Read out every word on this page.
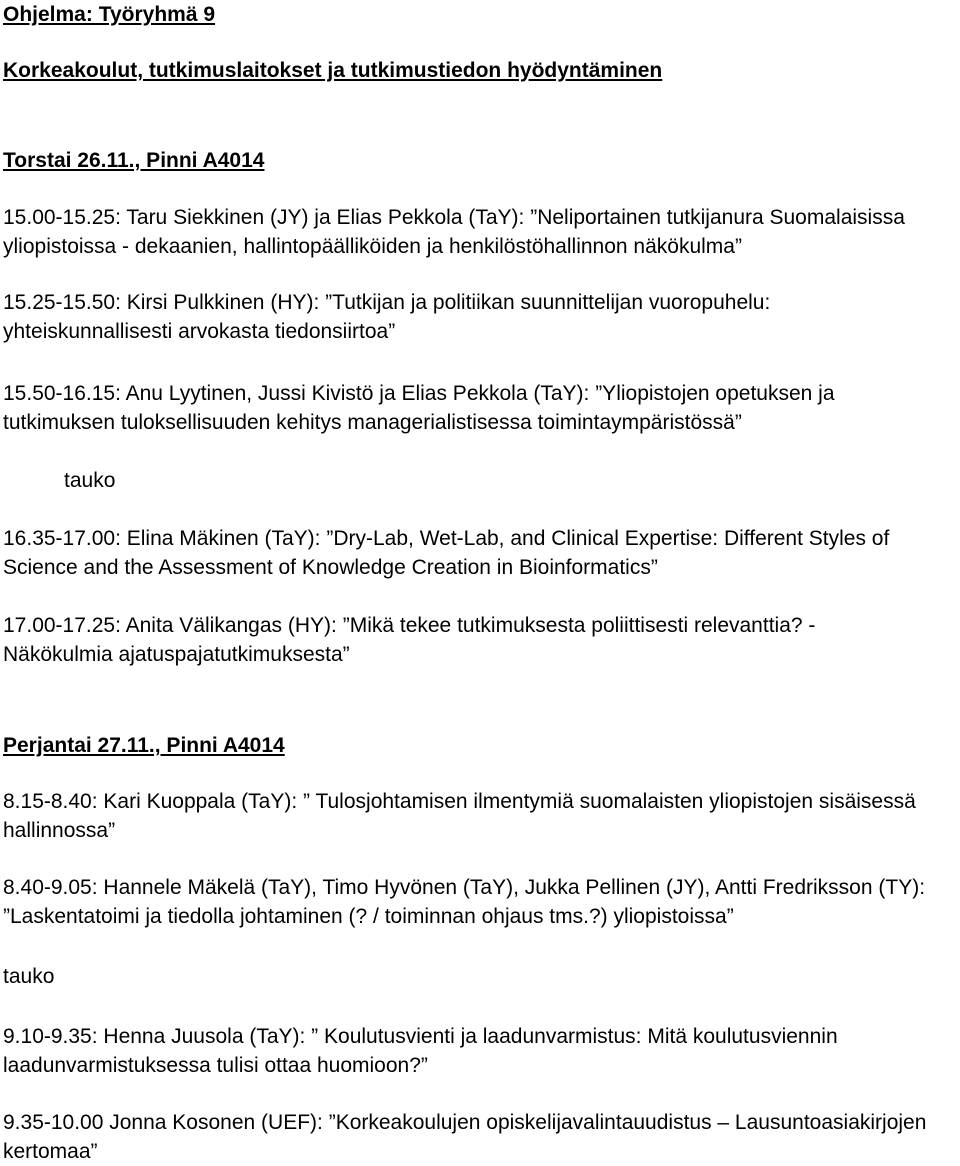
Ohjelma: Työryhmä 9

Korkeakoulut, tutkimuslaitokset ja tutkimustiedon hyödyntäminen

Torstai 26.11., Pinni A4014

15.00-15.25: Taru Siekkinen (JY) ja Elias Pekkola (TaY): ”Neliportainen tutkijanura Suomalaisissa
yliopistoissa - dekaanien, hallintopäälliköiden ja henkilöstöhallinnon näkökulma”
15.25-15.50: Kirsi Pulkkinen (HY): ”Tutkijan ja politiikan suunnittelijan vuoropuhelu:
yhteiskunnallisesti arvokasta tiedonsiirtoa”
15.50-16.15: Anu Lyytinen, Jussi Kivistö ja Elias Pekkola (TaY): ”Yliopistojen opetuksen ja
tutkimuksen tuloksellisuuden kehitys managerialistisessa toimintaympäristössä”
tauko
16.35-17.00: Elina Mäkinen (TaY): ”Dry-Lab, Wet-Lab, and Clinical Expertise: Different Styles of
Science and the Assessment of Knowledge Creation in Bioinformatics”
17.00-17.25: Anita Välikangas (HY): ”Mikä tekee tutkimuksesta poliittisesti relevanttia? -
Näkökulmia ajatuspajatutkimuksesta”

Perjantai 27.11., Pinni A4014

8.15-8.40: Kari Kuoppala (TaY): ” Tulosjohtamisen ilmentymiä suomalaisten yliopistojen sisäisessä
hallinnossa”
8.40-9.05: Hannele Mäkelä (TaY), Timo Hyvönen (TaY), Jukka Pellinen (JY), Antti Fredriksson (TY):
”Laskentatoimi ja tiedolla johtaminen (? / toiminnan ohjaus tms.?) yliopistoissa”
tauko
9.10-9.35: Henna Juusola (TaY): ” Koulutusvienti ja laadunvarmistus: Mitä koulutusviennin
laadunvarmistuksessa tulisi ottaa huomioon?”
9.35-10.00 Jonna Kosonen (UEF): ”Korkeakoulujen opiskelijavalintauudistus – Lausuntoasiakirjojen
kertomaa”
